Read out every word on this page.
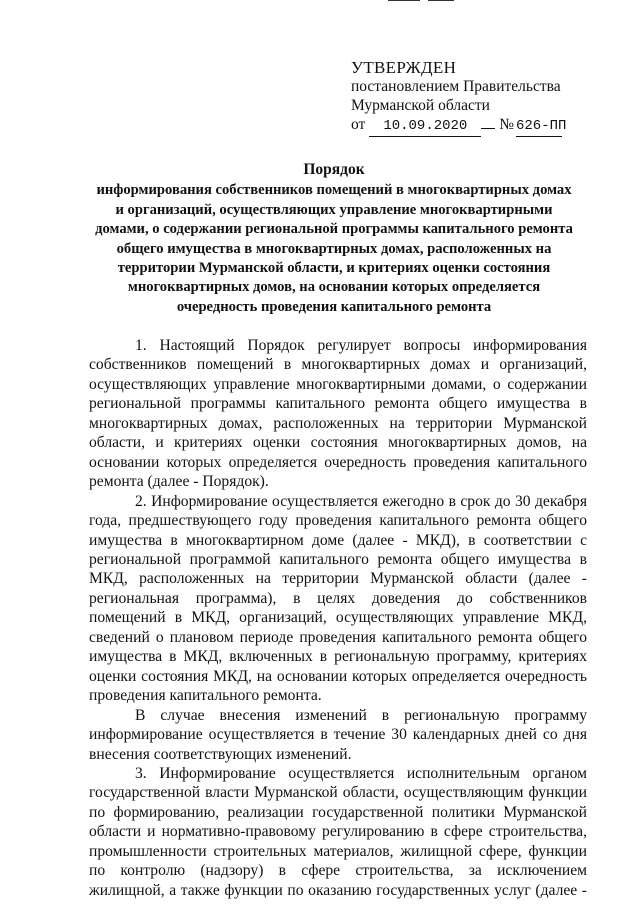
УТВЕРЖДЕН
постановлением Правительства
Мурманской области
от 10.09.2020 № 626-ПП
Порядок
информирования собственников помещений в многоквартирных домах и организаций, осуществляющих управление многоквартирными домами, о содержании региональной программы капитального ремонта общего имущества в многоквартирных домах, расположенных на территории Мурманской области, и критериях оценки состояния многоквартирных домов, на основании которых определяется очередность проведения капитального ремонта

1. Настоящий Порядок регулирует вопросы информирования собственников помещений в многоквартирных домах и организаций, осуществляющих управление многоквартирными домами, о содержании региональной программы капитального ремонта общего имущества в многоквартирных домах, расположенных на территории Мурманской области, и критериях оценки состояния многоквартирных домов, на основании которых определяется очередность проведения капитального ремонта (далее - Порядок).

2. Информирование осуществляется ежегодно в срок до 30 декабря года, предшествующего году проведения капитального ремонта общего имущества в многоквартирном доме (далее - МКД), в соответствии с региональной программой капитального ремонта общего имущества в МКД, расположенных на территории Мурманской области (далее - региональная программа), в целях доведения до собственников помещений в МКД, организаций, осуществляющих управление МКД, сведений о плановом периоде проведения капитального ремонта общего имущества в МКД, включенных в региональную программу, критериях оценки состояния МКД, на основании которых определяется очередность проведения капитального ремонта.

В случае внесения изменений в региональную программу информирование осуществляется в течение 30 календарных дней со дня внесения соответствующих изменений.

3. Информирование осуществляется исполнительным органом государственной власти Мурманской области, осуществляющим функции по формированию, реализации государственной политики Мурманской области и нормативно-правовому регулированию в сфере строительства, промышленности строительных материалов, жилищной сфере, функции по контролю (надзору) в сфере строительства, за исключением жилищной, а также функции по оказанию государственных услуг (далее -
